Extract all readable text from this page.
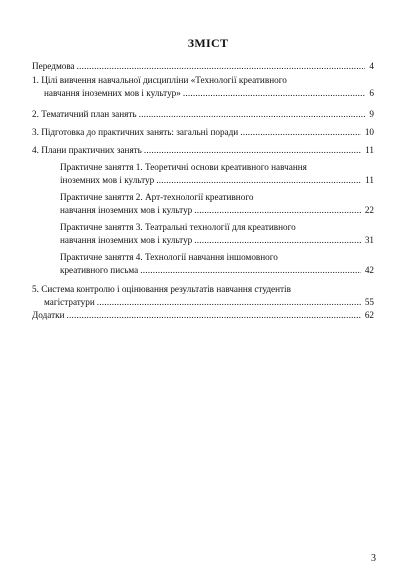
ЗМІСТ
Передмова .....	4
1. Цілі вивчення навчальної дисципліни «Технології креативного
навчання іноземних мов і культур» .....	6
2. Тематичний план занять .....	9
3. Підготовка до практичних занять: загальні поради .....	10
4. Плани практичних занять .....	11
Практичне заняття 1. Теоретичні основи креативного навчання
іноземних мов і культур .....	11
Практичне заняття 2. Арт-технології креативного
навчання іноземних мов і культур .....	22
Практичне заняття 3. Театральні технології для креативного
навчання іноземних мов і культур .....	31
Практичне заняття 4. Технології навчання іншомовного
креативного письма .....	42
5. Система контролю і оцінювання результатів навчання студентів
магістратури .....	55
Додатки .....	62
3
